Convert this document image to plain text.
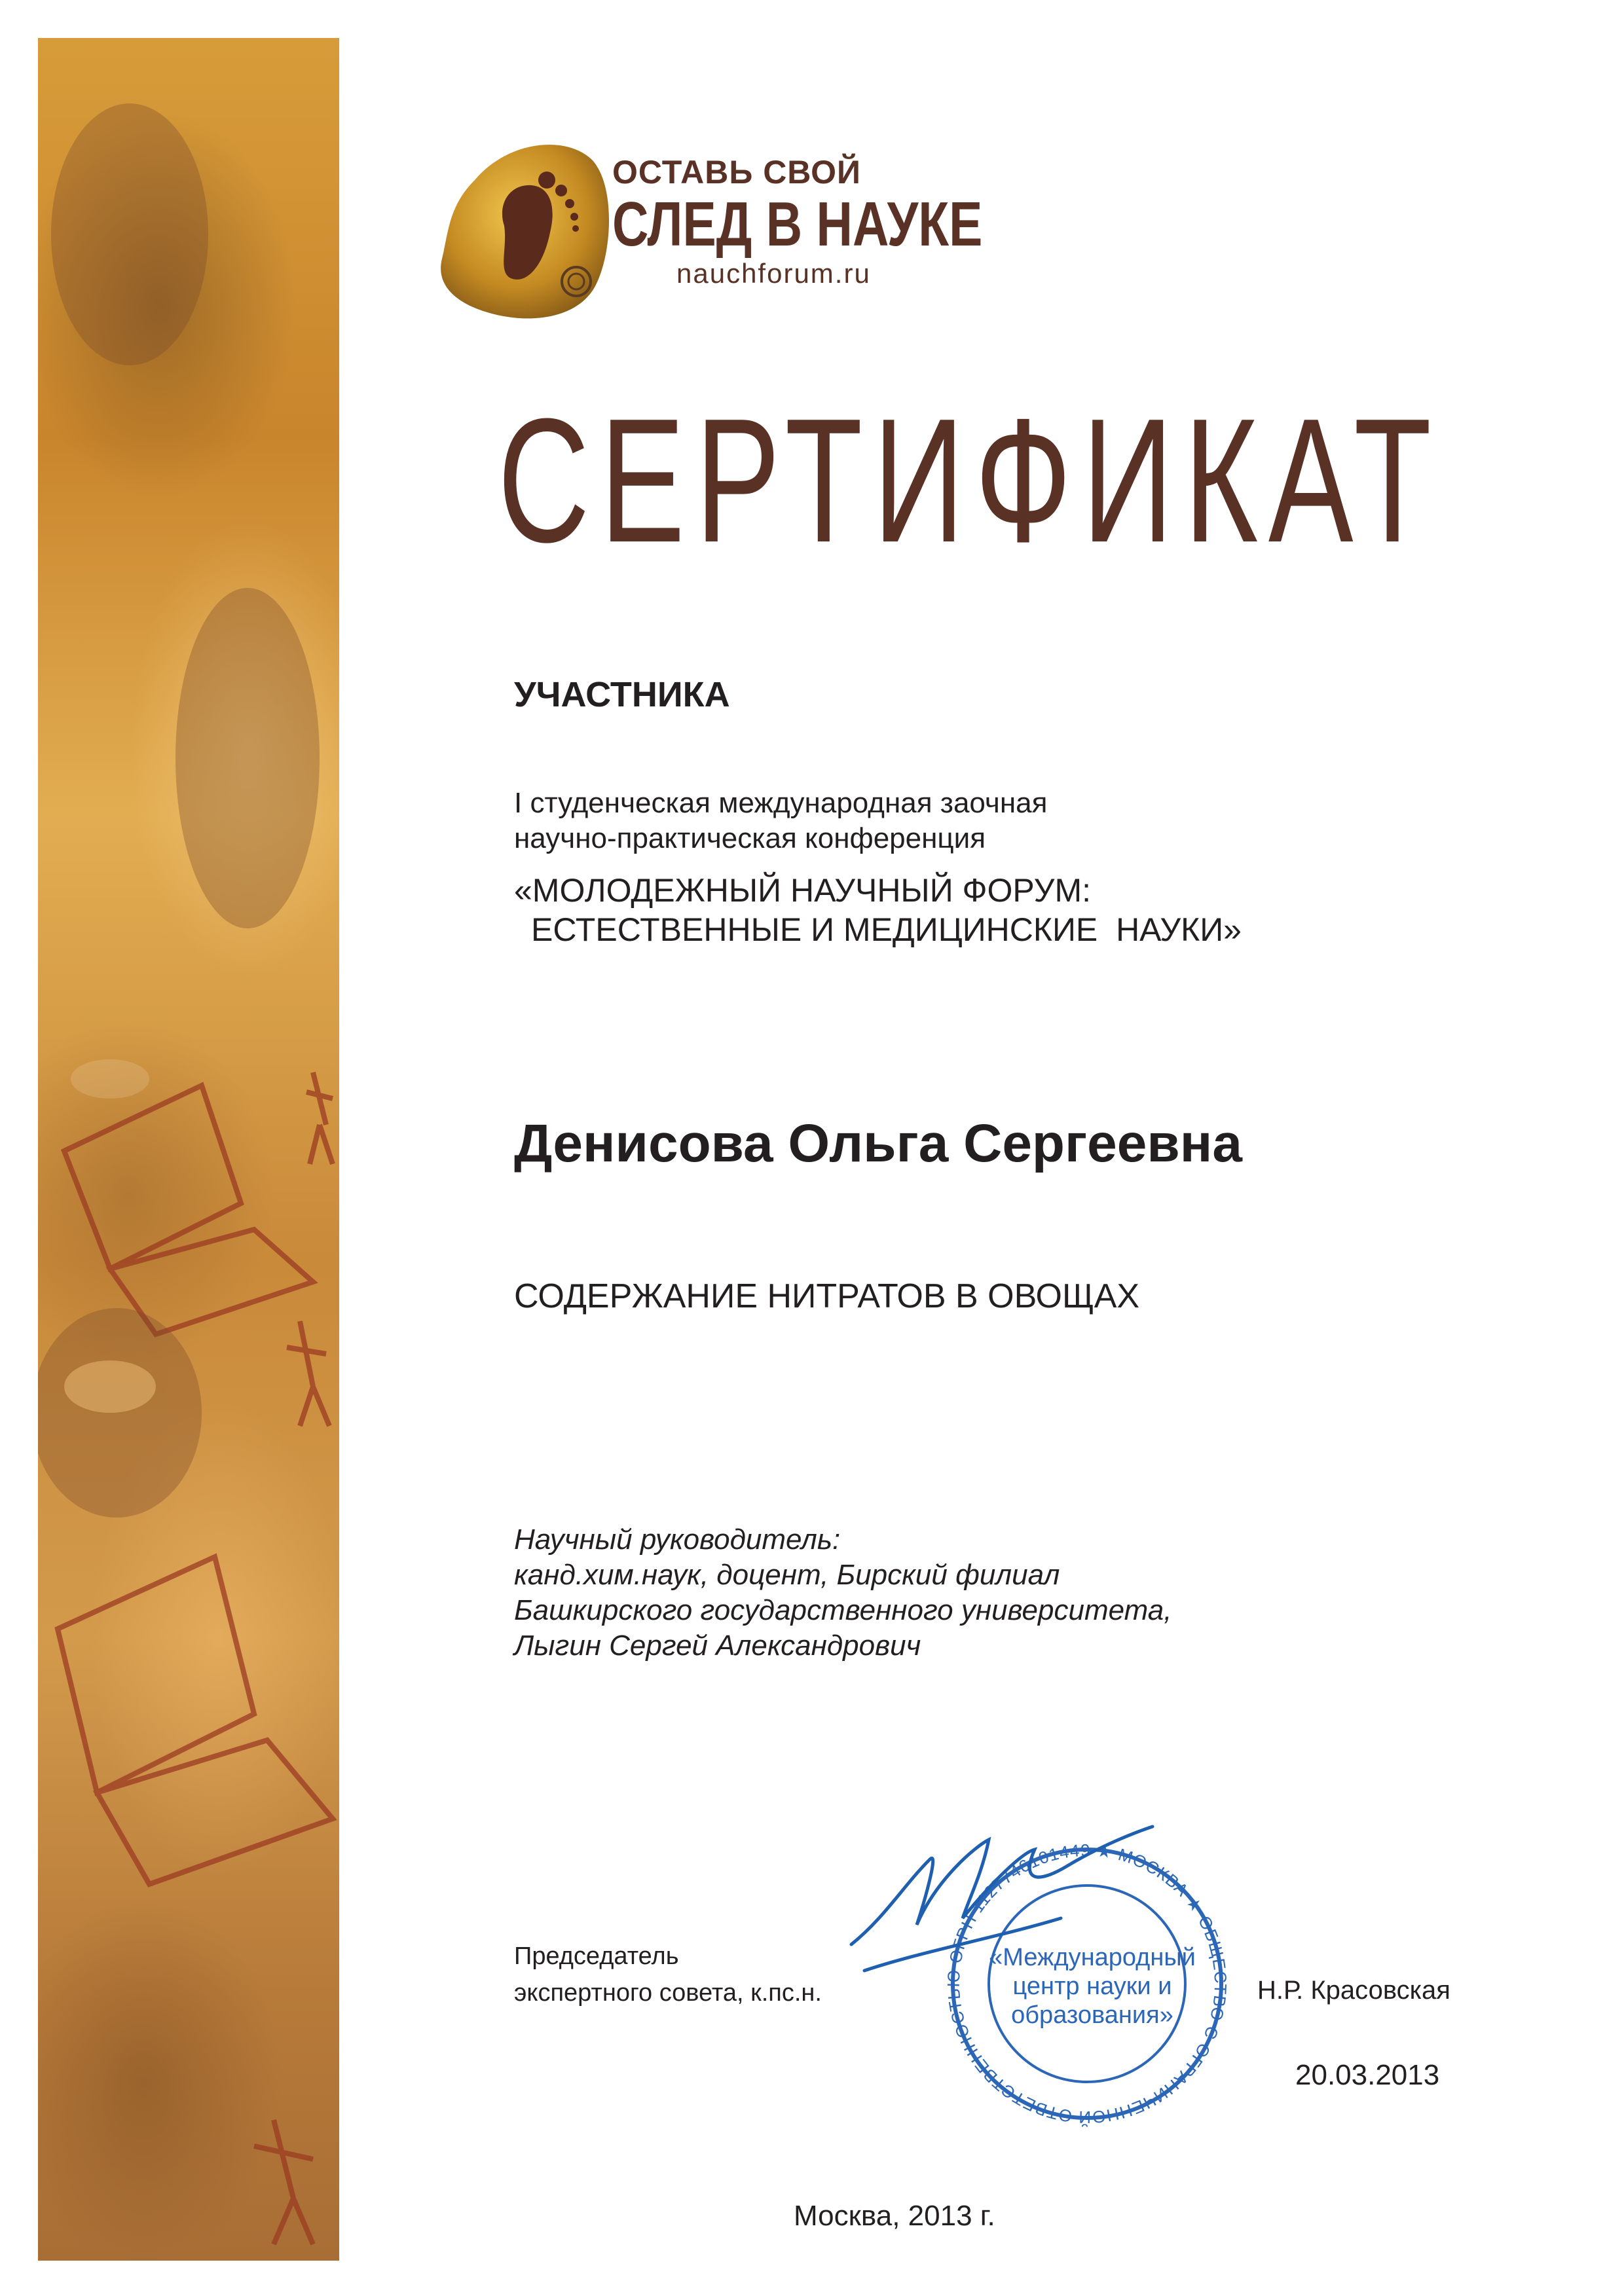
ОСТАВЬ СВОЙ
СЛЕД В НАУКЕ
nauchforum.ru
СЕРТИФИКАТ
УЧАСТНИКА
I студенческая международная заочная
научно-практическая конференция
«МОЛОДЕЖНЫЙ НАУЧНЫЙ ФОРУМ:
ЕСТЕСТВЕННЫЕ И МЕДИЦИНСКИЕ  НАУКИ»
Денисова Ольга Сергеевна
СОДЕРЖАНИЕ НИТРАТОВ В ОВОЩАХ
Научный руководитель:
канд.хим.наук, доцент, Бирский филиал
Башкирского государственного университета,
Лыгин Сергей Александрович
Председатель
экспертного совета, к.пс.н.
ОБЩЕСТВО С ОГРАНИЧЕННОЙ ОТВЕТСТВЕННОСТЬЮ ОГРН 1127746101449 ★ МОСКВА ★
«Международный
центр науки и
образования»
Н.Р. Красовская
20.03.2013
Москва, 2013 г.
